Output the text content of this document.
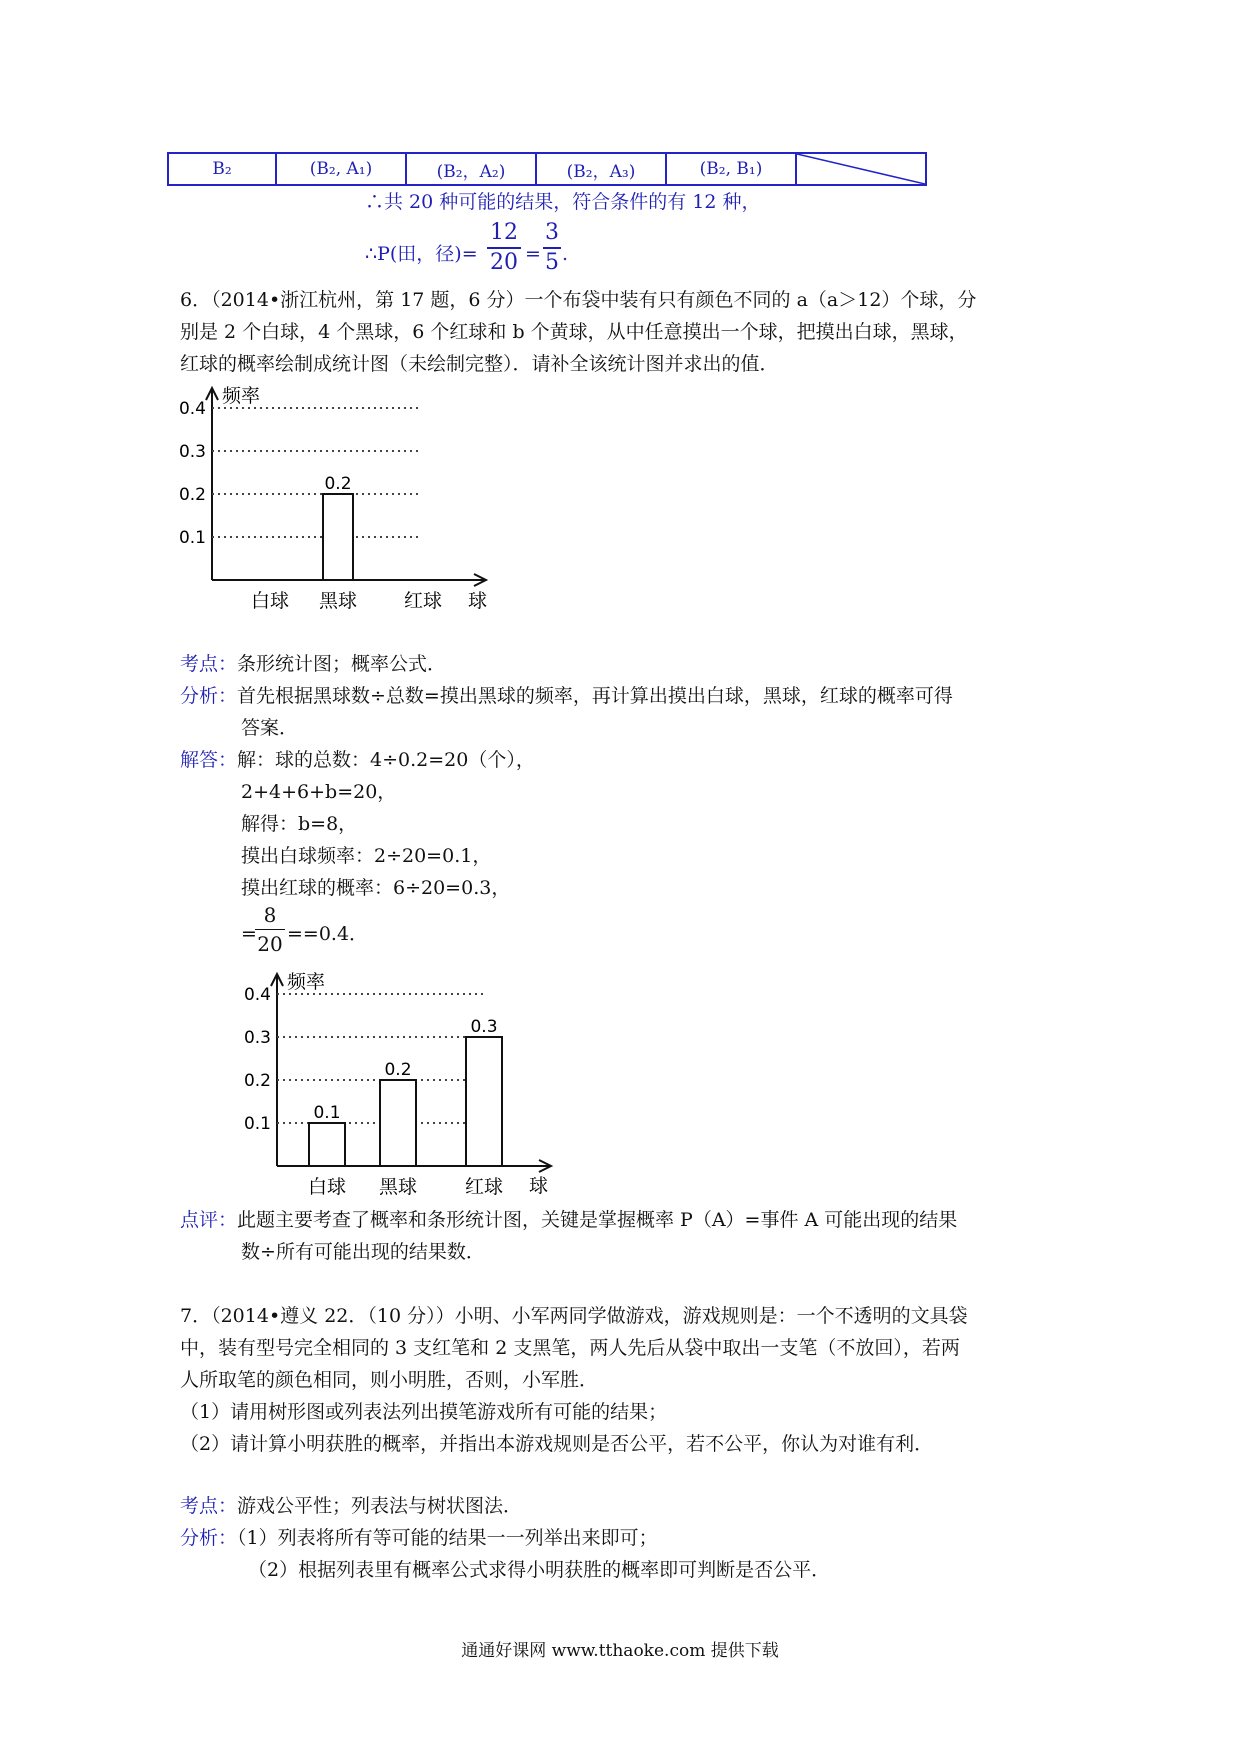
B₂	(B₂, A₁)	(B₂，A₂)	(B₂，A₃)	(B₂, B₁)	
∴共 20 种可能的结果，符合条件的有 12 种，
∴P(田，径)=
12
20 =
3
5 .
6．（2014•浙江杭州，第 17 题，6 分）一个布袋中装有只有颜色不同的 a（a＞12）个球，分
别是 2 个白球，4 个黑球，6 个红球和 b 个黄球，从中任意摸出一个球，把摸出白球，黑球，
红球的概率绘制成统计图（未绘制完整）．请补全该统计图并求出的值．
频率
球
0.1
0.2
0.3
0.4
白球 黑球
0.2
红球
考点：条形统计图；概率公式．
分析：首先根据黑球数÷总数=摸出黑球的频率，再计算出摸出白球，黑球，红球的概率可得
答案．
解答：解：球的总数：4÷0.2=20（个），
2+4+6+b=20，
解得：b=8，
摸出白球频率：2÷20=0.1，
摸出红球的概率：6÷20=0.3，
=
8
20 ==0.4．
频率
球
0.1
0.2
0.3
0.4
白球
0.1
黑球
0.2
红球
0.3
点评：此题主要考查了概率和条形统计图，关键是掌握概率 P（A）=事件 A 可能出现的结果
数÷所有可能出现的结果数．
7．（2014•遵义 22．（10 分））小明、小军两同学做游戏，游戏规则是：一个不透明的文具袋
中，装有型号完全相同的 3 支红笔和 2 支黑笔，两人先后从袋中取出一支笔（不放回），若两
人所取笔的颜色相同，则小明胜，否则，小军胜．
（1）请用树形图或列表法列出摸笔游戏所有可能的结果；
（2）请计算小明获胜的概率，并指出本游戏规则是否公平，若不公平，你认为对谁有利．
考点：游戏公平性；列表法与树状图法．
分析：（1）列表将所有等可能的结果一一列举出来即可；
（2）根据列表里有概率公式求得小明获胜的概率即可判断是否公平．
通通好课网 www.tthaoke.com 提供下载
